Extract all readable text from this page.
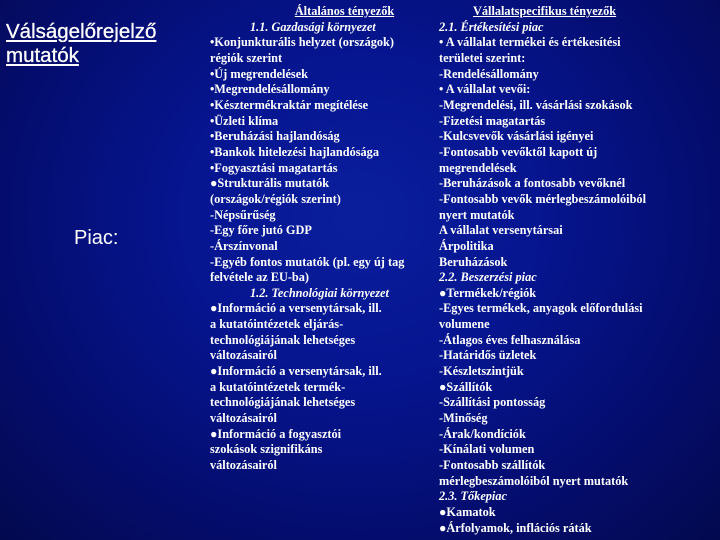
Válságelőrejelző
mutatók
Piac:
Általános tényezők
1.1. Gazdasági környezet
•Konjunkturális helyzet (országok)
régiók szerint
•Új megrendelések
•Megrendelésállomány
•Késztermékraktár megítélése
•Üzleti klíma
•Beruházási hajlandóság
•Bankok hitelezési hajlandósága
•Fogyasztási magatartás
●Strukturális mutatók
(országok/régiók szerint)
-Népsűrűség
-Egy főre jutó GDP
-Árszínvonal
-Egyéb fontos mutatók (pl. egy új tag
felvétele az EU-ba)
1.2. Technológiai környezet
●Információ a versenytársak, ill.
a kutatóintézetek eljárás-
technológiájának lehetséges
változásairól
●Információ a versenytársak, ill.
a kutatóintézetek termék-
technológiájának lehetséges
változásairól
●Információ a fogyasztói
szokások szignifikáns
változásairól
Vállalatspecifikus tényezők
2.1. Értékesítési piac
• A vállalat termékei és értékesítési
területei szerint:
-Rendelésállomány
• A vállalat vevői:
-Megrendelési, ill. vásárlási szokások
-Fizetési magatartás
-Kulcsvevők vásárlási igényei
-Fontosabb vevőktől kapott új
megrendelések
-Beruházások a fontosabb vevőknél
-Fontosabb vevők mérlegbeszámolóiból
nyert mutatók
A vállalat versenytársai
Árpolitika
Beruházások
2.2. Beszerzési piac
●Termékek/régiók
-Egyes termékek, anyagok előfordulási
volumene
-Átlagos éves felhasználása
-Határidős üzletek
-Készletszintjük
●Szállítók
-Szállítási pontosság
-Minőség
-Árak/kondíciók
-Kínálati volumen
-Fontosabb szállítók
mérlegbeszámolóiból nyert mutatók
2.3. Tőkepiac
●Kamatok
●Árfolyamok, inflációs ráták
